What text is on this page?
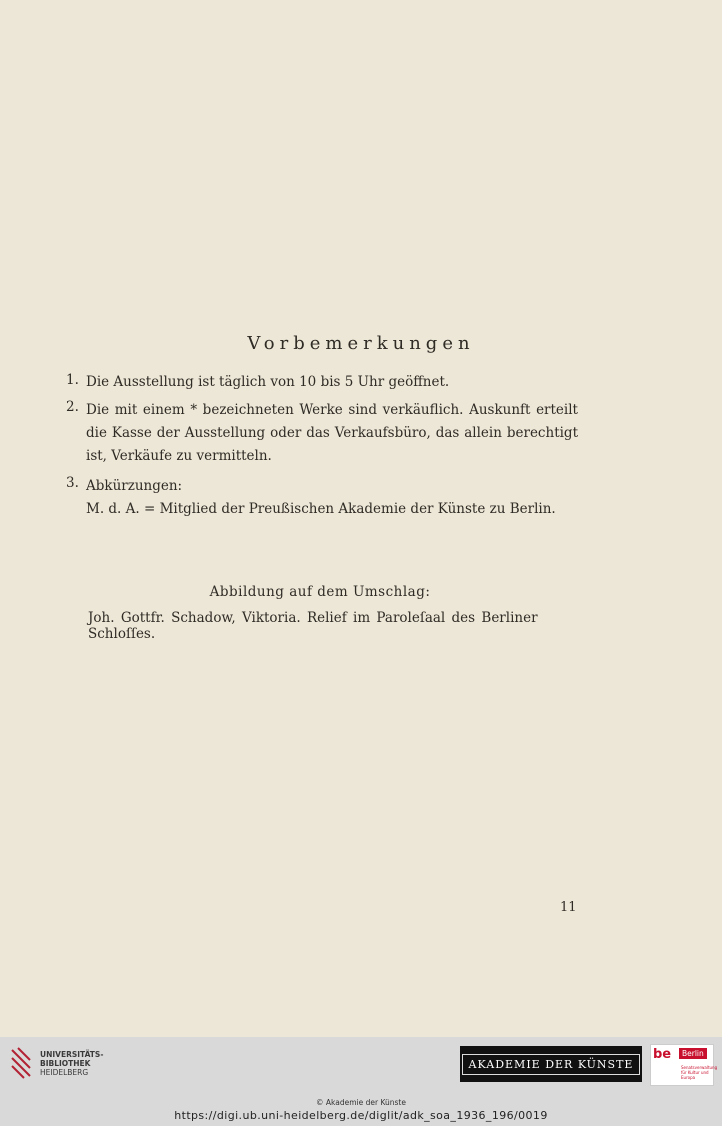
Vorbemerkungen
1. Die Ausstellung ist täglich von 10 bis 5 Uhr geöffnet.
2. Die mit einem * bezeichneten Werke sind verkäuflich. Auskunft erteilt die Kasse der Ausstellung oder das Verkaufsbüro, das allein berechtigt ist, Verkäufe zu vermitteln.
3. Abkürzungen:
M. d. A. = Mitglied der Preußischen Akademie der Künste zu Berlin.
Abbildung auf dem Umschlag:
Joh. Gottfr. Schadow, Viktoria. Relief im Paroleſaal des Berliner Schloſſes.
11
UNIVERSITÄTS-
BIBLIOTHEK
HEIDELBERG
AKADEMIE DER KÜNSTE
be	Berlin
Senatsverwaltung für Kultur und Europa
© Akademie der Künste
https://digi.ub.uni-heidelberg.de/diglit/adk_soa_1936_196/0019
